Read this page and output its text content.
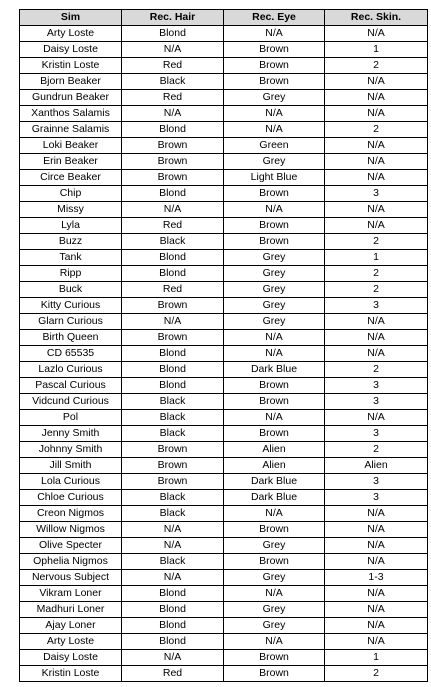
Sim	Rec. Hair	Rec. Eye	Rec. Skin.
Arty Loste	Blond	N/A	N/A
Daisy Loste	N/A	Brown	1
Kristin Loste	Red	Brown	2
Bjorn Beaker	Black	Brown	N/A
Gundrun Beaker	Red	Grey	N/A
Xanthos Salamis	N/A	N/A	N/A
Grainne Salamis	Blond	N/A	2
Loki Beaker	Brown	Green	N/A
Erin Beaker	Brown	Grey	N/A
Circe Beaker	Brown	Light Blue	N/A
Chip	Blond	Brown	3
Missy	N/A	N/A	N/A
Lyla	Red	Brown	N/A
Buzz	Black	Brown	2
Tank	Blond	Grey	1
Ripp	Blond	Grey	2
Buck	Red	Grey	2
Kitty Curious	Brown	Grey	3
Glarn Curious	N/A	Grey	N/A
Birth Queen	Brown	N/A	N/A
CD 65535	Blond	N/A	N/A
Lazlo Curious	Blond	Dark Blue	2
Pascal Curious	Blond	Brown	3
Vidcund Curious	Black	Brown	3
Pol	Black	N/A	N/A
Jenny Smith	Black	Brown	3
Johnny Smith	Brown	Alien	2
Jill Smith	Brown	Alien	Alien
Lola Curious	Brown	Dark Blue	3
Chloe Curious	Black	Dark Blue	3
Creon Nigmos	Black	N/A	N/A
Willow Nigmos	N/A	Brown	N/A
Olive Specter	N/A	Grey	N/A
Ophelia Nigmos	Black	Brown	N/A
Nervous Subject	N/A	Grey	1-3
Vikram Loner	Blond	N/A	N/A
Madhuri Loner	Blond	Grey	N/A
Ajay Loner	Blond	Grey	N/A
Arty Loste	Blond	N/A	N/A
Daisy Loste	N/A	Brown	1
Kristin Loste	Red	Brown	2
